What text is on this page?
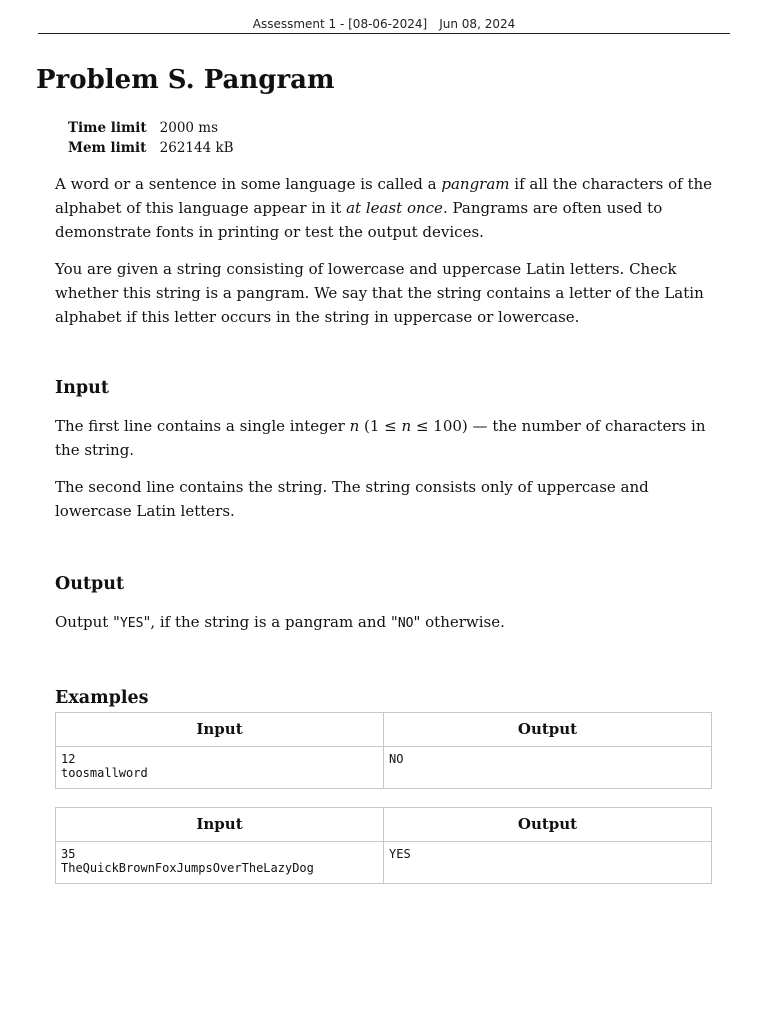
Assessment 1 - [08-06-2024] Jun 08, 2024
Problem S. Pangram
Time limit	2000 ms
Mem limit	262144 kB

A word or a sentence in some language is called a pangram if all the characters of the alphabet of this language appear in it at least once. Pangrams are often used to demonstrate fonts in printing or test the output devices.

You are given a string consisting of lowercase and uppercase Latin letters. Check whether this string is a pangram. We say that the string contains a letter of the Latin alphabet if this letter occurs in the string in uppercase or lowercase.

Input

The first line contains a single integer n (1 ≤ n ≤ 100) — the number of characters in the string.

The second line contains the string. The string consists only of uppercase and lowercase Latin letters.

Output

Output "YES", if the string is a pangram and "NO" otherwise.

Examples
Input	Output
12
toosmallword	NO
Input	Output
35
TheQuickBrownFoxJumpsOverTheLazyDog	YES
